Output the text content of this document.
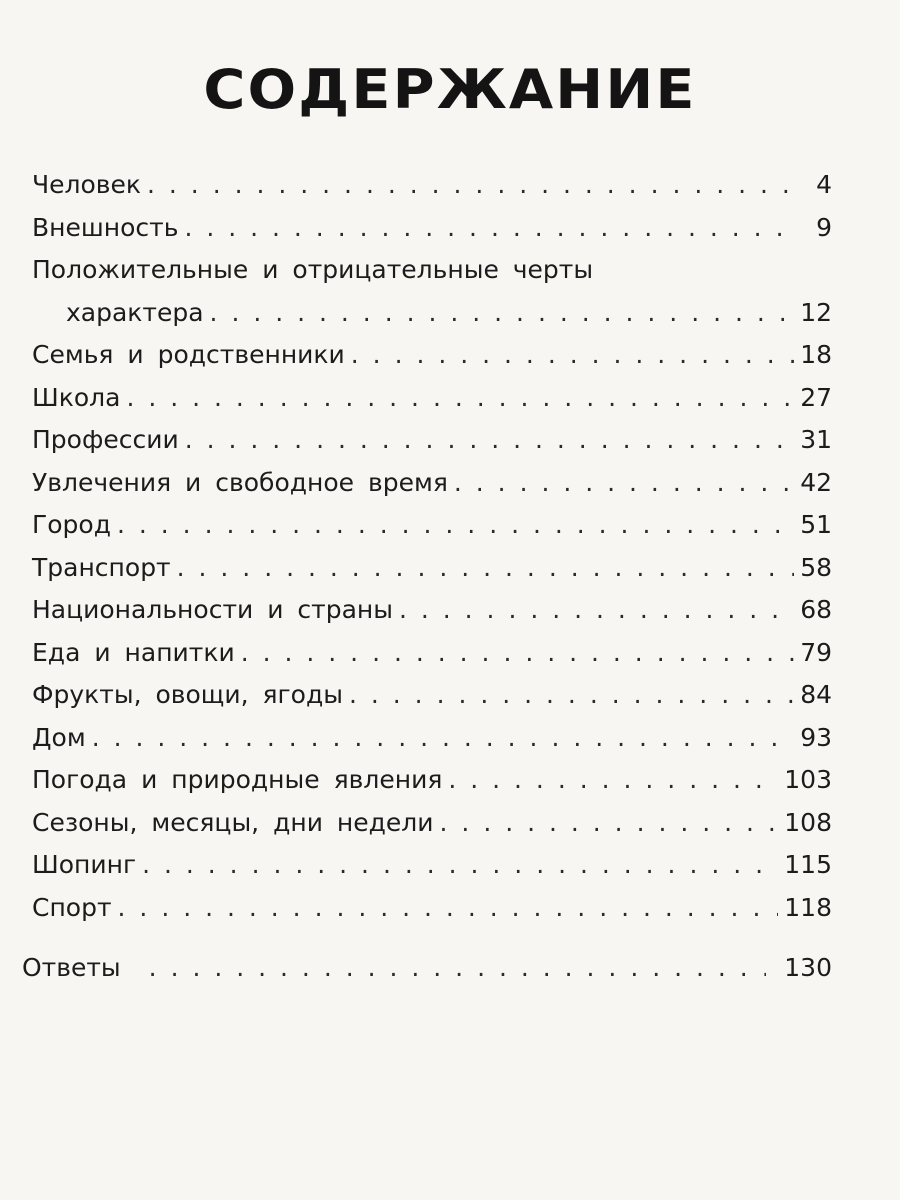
СОДЕРЖАНИЕ
Человек . . .	4
Внешность . . .	9
Положительные и отрицательные черты
характера . . .	12
Семья и родственники . . .	18
Школа . . .	27
Профессии . . .	31
Увлечения и свободное время . . .	42
Город . . .	51
Транспорт . . .	58
Национальности и страны . . .	68
Еда и напитки . . .	79
Фрукты, овощи, ягоды . . .	84
Дом . . .	93
Погода и природные явления . . .	103
Сезоны, месяцы, дни недели . . .	108
Шопинг . . .	115
Спорт . . .	118
Ответы . . .	130
